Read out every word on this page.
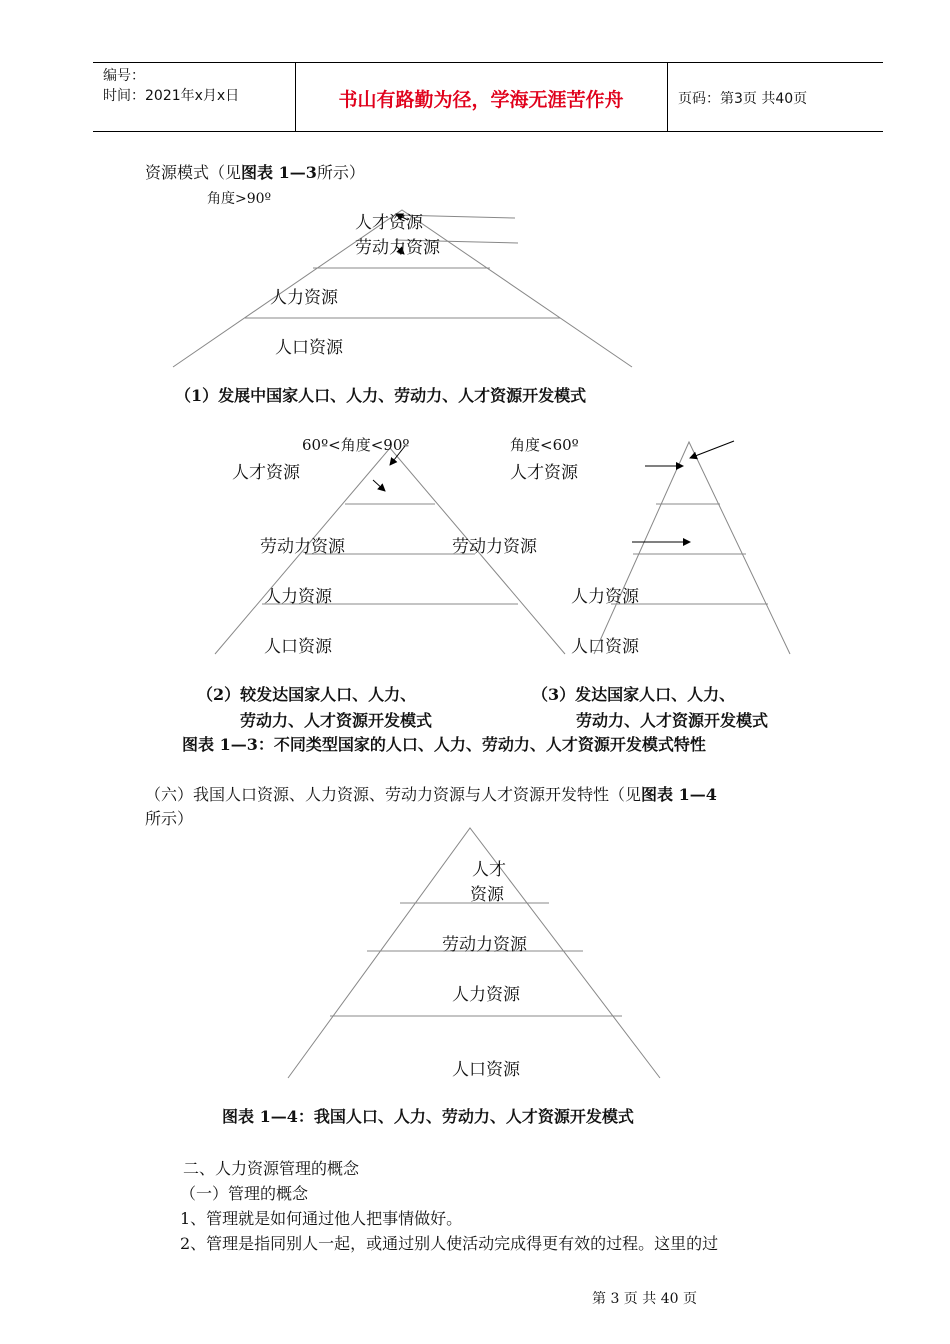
编号：
时间：2021年x月x日	书山有路勤为径，学海无涯苦作舟	页码：第3页 共40页
资源模式（见图表 1—3所示）
角度>90º
人才资源
劳动力资源
人力资源
人口资源
（1）发展中国家人口、人力、劳动力、人才资源开发模式
60º<角度<90º
人才资源
劳动力资源
人力资源
人口资源
角度<60º
人才资源
劳动力资源
人力资源
人口资源
（2）较发达国家人口、人力、
劳动力、人才资源开发模式
（3）发达国家人口、人力、
劳动力、人才资源开发模式
图表 1—3：不同类型国家的人口、人力、劳动力、人才资源开发模式特性
（六）我国人口资源、人力资源、劳动力资源与人才资源开发特性（见图表 1—4
所示）
人才
资源
劳动力资源
人力资源
人口资源
图表 1—4：我国人口、人力、劳动力、人才资源开发模式
二、人力资源管理的概念
（一）管理的概念
1、管理就是如何通过他人把事情做好。
2、管理是指同别人一起，或通过别人使活动完成得更有效的过程。这里的过
第 3 页 共 40 页
